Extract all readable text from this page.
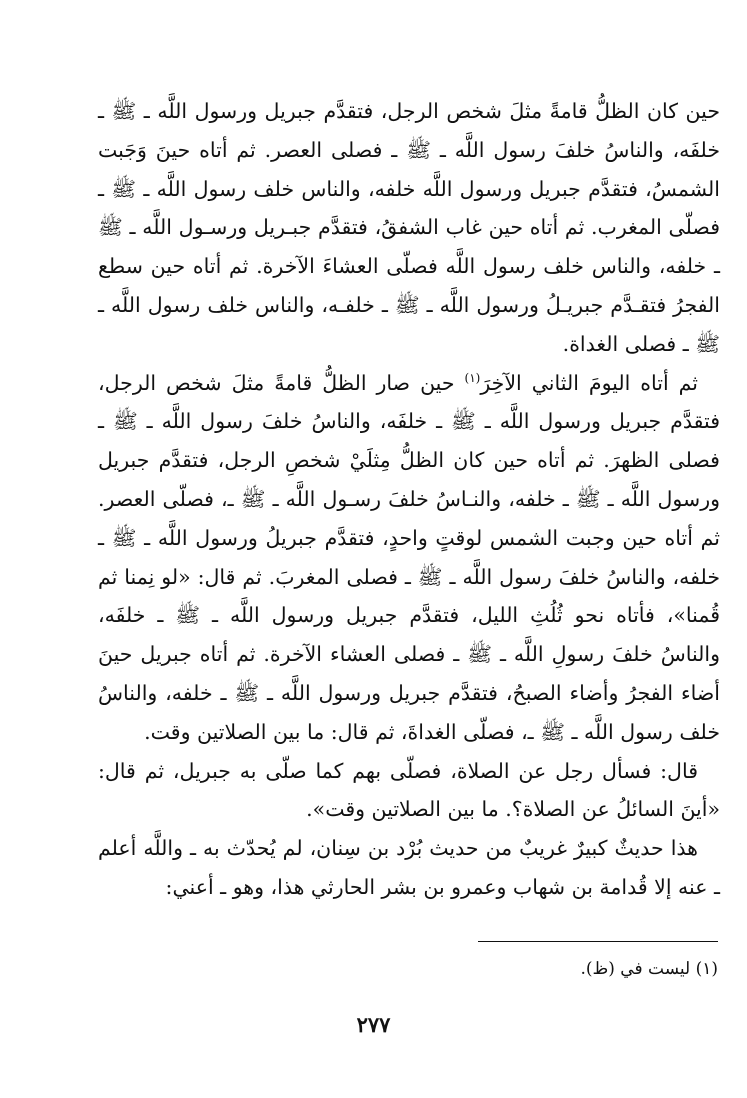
حين كان الظلُّ قامةً مثلَ شخص الرجل، فتقدَّم جبريل ورسول اللَّه ـ ﷺ ـ خلفَه، والناسُ خلفَ رسول اللَّه ـ ﷺ ـ فصلى العصر. ثم أتاه حينَ وَجَبت الشمسُ، فتقدَّم جبريل ورسول اللَّه خلفه، والناس خلف رسول اللَّه ـ ﷺ ـ فصلّى المغرب. ثم أتاه حين غاب الشفقُ، فتقدَّم جبـريل ورسـول اللَّه ـ ﷺ ـ خلفه، والناس خلف رسول اللَّه فصلّى العشاءَ الآخرة. ثم أتاه حين سطع الفجرُ فتقـدَّم جبريـلُ ورسول اللَّه ـ ﷺ ـ خلفـه، والناس خلف رسول اللَّه ـ ﷺ ـ فصلى الغداة.

ثم أتاه اليومَ الثاني الآخِرَ$^{(١)}$ حين صار الظلُّ قامةً مثلَ شخص الرجل، فتقدَّم جبريل ورسول اللَّه ـ ﷺ ـ خلفَه، والناسُ خلفَ رسول اللَّه ـ ﷺ ـ فصلى الظهرَ. ثم أتاه حين كان الظلُّ مِثلَيْ شخصِ الرجل، فتقدَّم جبريل ورسول اللَّه ـ ﷺ ـ خلفه، والنـاسُ خلفَ رسـول اللَّه ـ ﷺ ـ، فصلّى العصر. ثم أتاه حين وجبت الشمس لوقتٍ واحدٍ، فتقدَّم جبريلُ ورسول اللَّه ـ ﷺ ـ خلفه، والناسُ خلفَ رسول اللَّه ـ ﷺ ـ فصلى المغربَ. ثم قال: «لو نِمنا ثم قُمنا»، فأتاه نحو ثُلُثِ الليل، فتقدَّم جبريل ورسول اللَّه ـ ﷺ ـ خلفَه، والناسُ خلفَ رسولِ اللَّه ـ ﷺ ـ فصلى العشاء الآخرة. ثم أتاه جبريل حينَ أضاء الفجرُ وأضاء الصبحُ، فتقدَّم جبريل ورسول اللَّه ـ ﷺ ـ خلفه، والناسُ خلف رسول اللَّه ـ ﷺ ـ، فصلّى الغداةَ، ثم قال: ما بين الصلاتين وقت.

قال: فسأل رجل عن الصلاة، فصلّى بهم كما صلّى به جبريل، ثم قال: «أينَ السائلُ عن الصلاة؟. ما بين الصلاتين وقت».

هذا حديثٌ كبيرٌ غريبٌ من حديث بُرْد بن سِنان، لم يُحدّث به ـ واللَّه أعلم ـ عنه إلا قُدامة بن شهاب وعمرو بن بشر الحارثي هذا، وهو ـ أعني:

(١) ليست في (ظ).
٢٧٧
